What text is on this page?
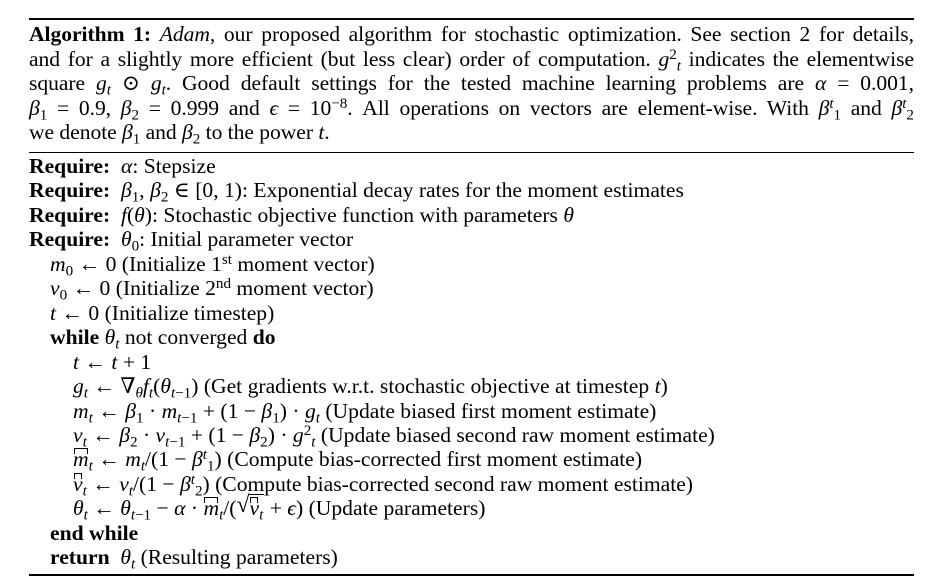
Algorithm 1: Adam, our proposed algorithm for stochastic optimization. See section 2 for details,
and for a slightly more efficient (but less clear) order of computation. $g^2_t$ indicates the elementwise
square $g_t$ ⊙ $g_t$. Good default settings for the tested machine learning problems are α = 0.001,
$\beta_1 = 0.9$, $\beta_2 = 0.999$ and $\epsilon = 10^{-8}$. All operations on vectors are element-wise. With $\beta^t_1$ and $\beta^t_2$
we denote $\beta_1$ and $\beta_2$ to the power t.
Require: α: Stepsize
Require: $\beta_1$, $\beta_2$ ∈ [0, 1): Exponential decay rates for the moment estimates
Require: f(θ): Stochastic objective function with parameters θ
Require: $\theta_0$: Initial parameter vector
$m_0$ ← 0 (Initialize 1st moment vector)
$v_0$ ← 0 (Initialize 2nd moment vector)
t ← 0 (Initialize timestep)
while $\theta_t$ not converged do
t ← t + 1
$g_t$ ← $\nabla_\theta f_t(\theta_{t-1})$ (Get gradients w.r.t. stochastic objective at timestep t)
$m_t$ ← $\beta_1 \cdot m_{t-1} + (1 - \beta_1) \cdot g_t$ (Update biased first moment estimate)
$v_t$ ← $\beta_2 \cdot v_{t-1} + (1 - \beta_2) \cdot g^2_t$ (Update biased second raw moment estimate)
$m_t$ ← $m_t/(1 - \beta^t_1)$ (Compute bias-corrected first moment estimate)
$v_t$ ← $v_t/(1 - \beta^t_2)$ (Compute bias-corrected second raw moment estimate)
$\theta_t$ ← $\theta_{t-1} - \alpha \cdot m_t/$( √ $v_t + \epsilon$) (Update parameters)
end while
return $\theta_t$ (Resulting parameters)
